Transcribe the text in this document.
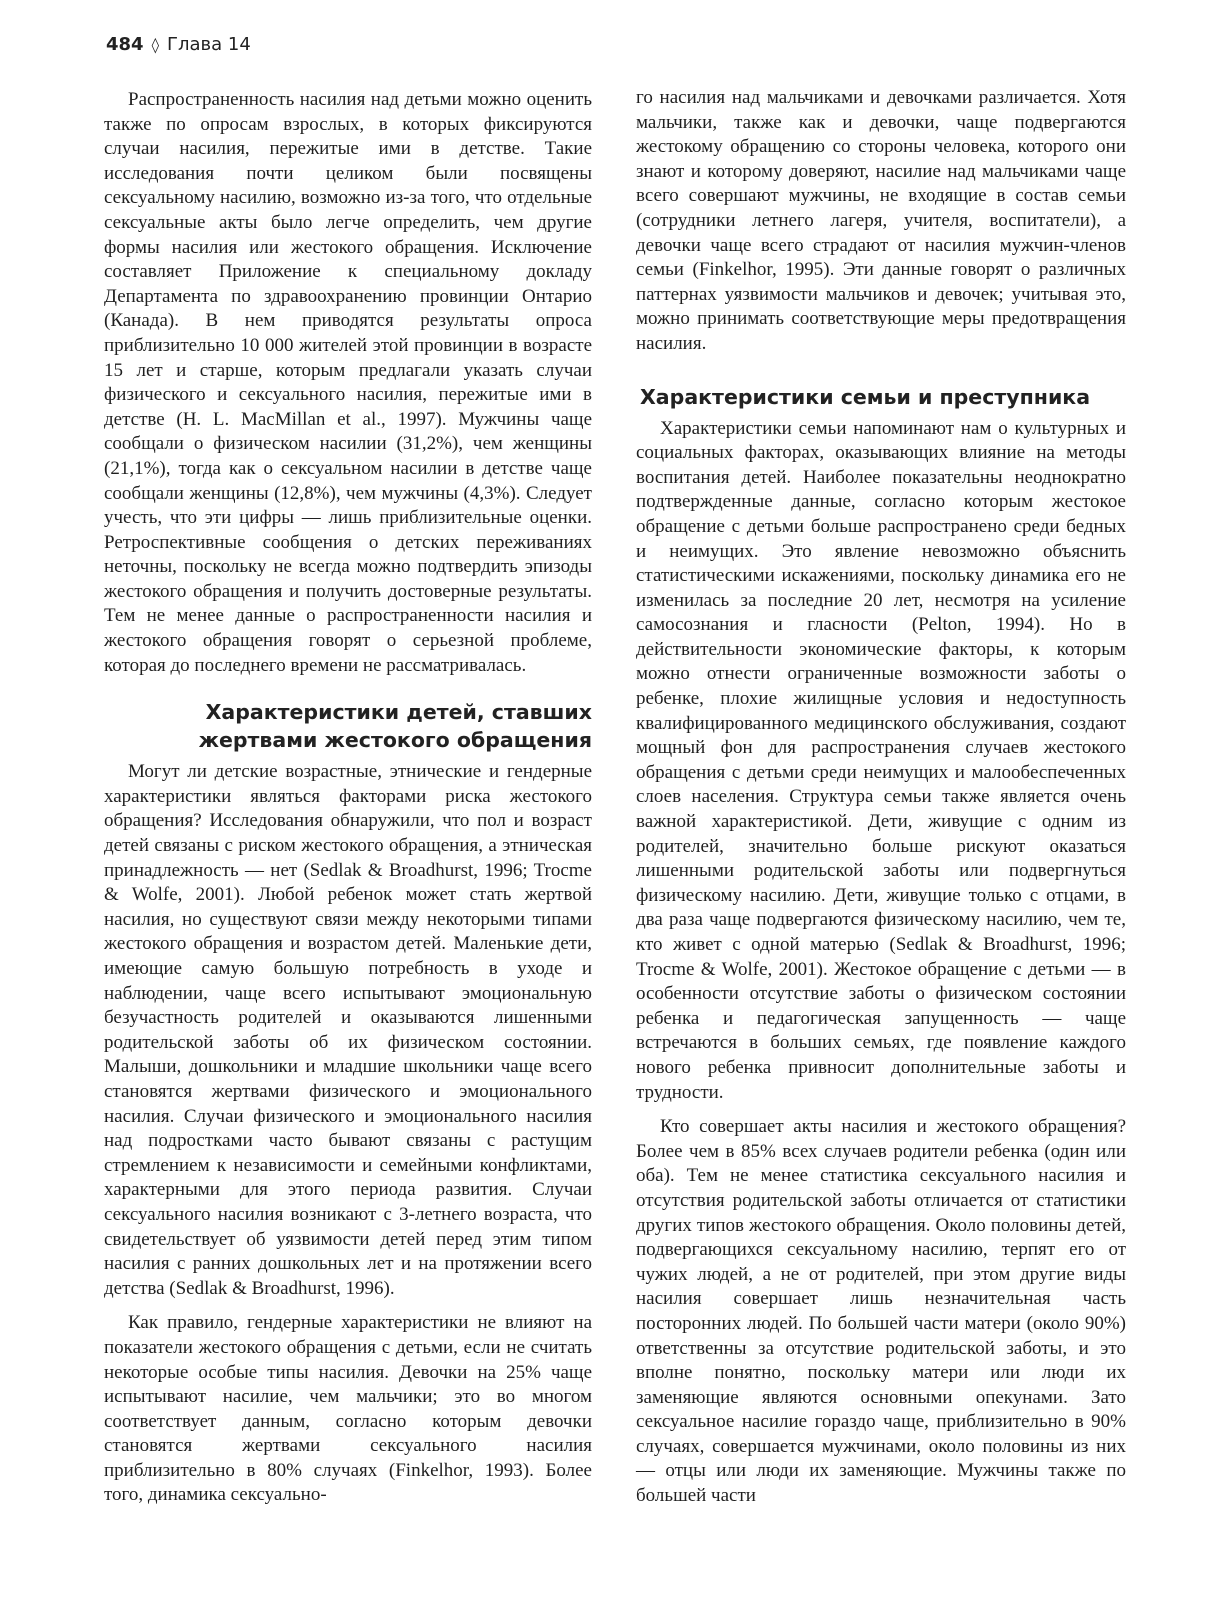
484 ◊ Глава 14

Распространенность насилия над детьми можно оценить также по опросам взрослых, в которых фиксируются случаи насилия, пережитые ими в детстве. Такие исследования почти целиком были посвящены сексуальному насилию, возможно из-за того, что отдельные сексуальные акты было легче определить, чем другие формы насилия или жестокого обращения. Исключение составляет Приложение к специальному докладу Департамента по здравоохранению провинции Онтарио (Канада). В нем приводятся результаты опроса приблизительно 10 000 жителей этой провинции в возрасте 15 лет и старше, которым предлагали указать случаи физического и сексуального насилия, пережитые ими в детстве (H. L. MacMillan et al., 1997). Мужчины чаще сообщали о физическом насилии (31,2%), чем женщины (21,1%), тогда как о сексуальном насилии в детстве чаще сообщали женщины (12,8%), чем мужчины (4,3%). Следует учесть, что эти цифры — лишь приблизительные оценки. Ретроспективные сообщения о детских переживаниях неточны, поскольку не всегда можно подтвердить эпизоды жестокого обращения и получить достоверные результаты. Тем не менее данные о распространенности насилия и жестокого обращения говорят о серьезной проблеме, которая до последнего времени не рассматривалась.

Характеристики детей, ставших жертвами жестокого обращения

Могут ли детские возрастные, этнические и гендерные характеристики являться факторами риска жестокого обращения? Исследования обнаружили, что пол и возраст детей связаны с риском жестокого обращения, а этническая принадлежность — нет (Sedlak & Broadhurst, 1996; Trocme & Wolfe, 2001). Любой ребенок может стать жертвой насилия, но существуют связи между некоторыми типами жестокого обращения и возрастом детей. Маленькие дети, имеющие самую большую потребность в уходе и наблюдении, чаще всего испытывают эмоциональную безучастность родителей и оказываются лишенными родительской заботы об их физическом состоянии. Малыши, дошкольники и младшие школьники чаще всего становятся жертвами физического и эмоционального насилия. Случаи физического и эмоционального насилия над подростками часто бывают связаны с растущим стремлением к независимости и семейными конфликтами, характерными для этого периода развития. Случаи сексуального насилия возникают с 3-летнего возраста, что свидетельствует об уязвимости детей перед этим типом насилия с ранних дошкольных лет и на протяжении всего детства (Sedlak & Broadhurst, 1996).

Как правило, гендерные характеристики не влияют на показатели жестокого обращения с детьми, если не считать некоторые особые типы насилия. Девочки на 25% чаще испытывают насилие, чем мальчики; это во многом соответствует данным, согласно которым девочки становятся жертвами сексуального насилия приблизительно в 80% случаях (Finkelhor, 1993). Более того, динамика сексуально-

го насилия над мальчиками и девочками различается. Хотя мальчики, также как и девочки, чаще подвергаются жестокому обращению со стороны человека, которого они знают и которому доверяют, насилие над мальчиками чаще всего совершают мужчины, не входящие в состав семьи (сотрудники летнего лагеря, учителя, воспитатели), а девочки чаще всего страдают от насилия мужчин-членов семьи (Finkelhor, 1995). Эти данные говорят о различных паттернах уязвимости мальчиков и девочек; учитывая это, можно принимать соответствующие меры предотвращения насилия.

Характеристики семьи и преступника

Характеристики семьи напоминают нам о культурных и социальных факторах, оказывающих влияние на методы воспитания детей. Наиболее показательны неоднократно подтвержденные данные, согласно которым жестокое обращение с детьми больше распространено среди бедных и неимущих. Это явление невозможно объяснить статистическими искажениями, поскольку динамика его не изменилась за последние 20 лет, несмотря на усиление самосознания и гласности (Pelton, 1994). Но в действительности экономические факторы, к которым можно отнести ограниченные возможности заботы о ребенке, плохие жилищные условия и недоступность квалифицированного медицинского обслуживания, создают мощный фон для распространения случаев жестокого обращения с детьми среди неимущих и малообеспеченных слоев населения. Структура семьи также является очень важной характеристикой. Дети, живущие с одним из родителей, значительно больше рискуют оказаться лишенными родительской заботы или подвергнуться физическому насилию. Дети, живущие только с отцами, в два раза чаще подвергаются физическому насилию, чем те, кто живет с одной матерью (Sedlak & Broadhurst, 1996; Trocme & Wolfe, 2001). Жестокое обращение с детьми — в особенности отсутствие заботы о физическом состоянии ребенка и педагогическая запущенность — чаще встречаются в больших семьях, где появление каждого нового ребенка привносит дополнительные заботы и трудности.

Кто совершает акты насилия и жестокого обращения? Более чем в 85% всех случаев родители ребенка (один или оба). Тем не менее статистика сексуального насилия и отсутствия родительской заботы отличается от статистики других типов жестокого обращения. Около половины детей, подвергающихся сексуальному насилию, терпят его от чужих людей, а не от родителей, при этом другие виды насилия совершает лишь незначительная часть посторонних людей. По большей части матери (около 90%) ответственны за отсутствие родительской заботы, и это вполне понятно, поскольку матери или люди их заменяющие являются основными опекунами. Зато сексуальное насилие гораздо чаще, приблизительно в 90% случаях, совершается мужчинами, около половины из них — отцы или люди их заменяющие. Мужчины также по большей части
